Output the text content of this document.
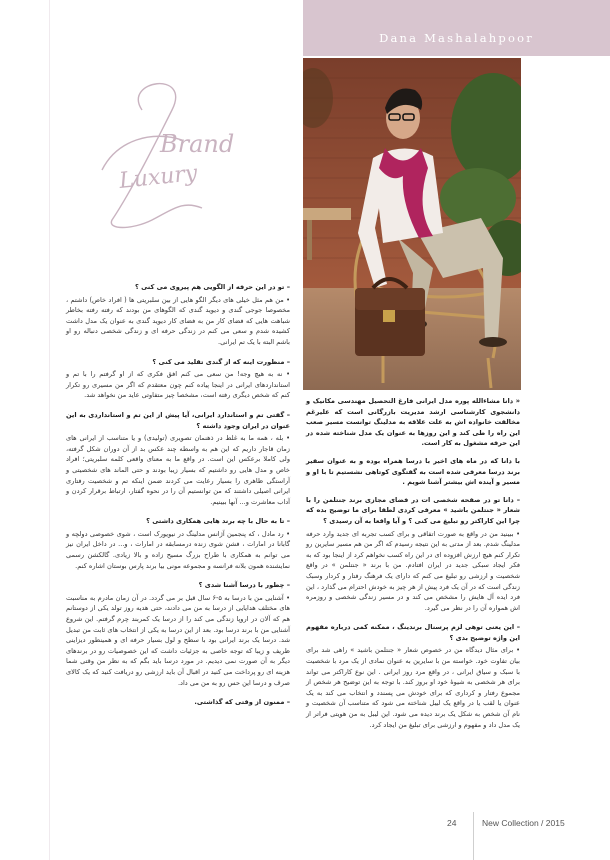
Dana Mashalahpoor
Brand
Luxury

– تو در این حرفه از الگویی هم پیروی می کنی ؟

• من هم مثل خیلی های دیگر الگو هایی از بین سلبریتی ها ( افراد خاص) داشتم ، مخصوصا جوجی گندی و دیوید گندی که الگوهای من بودند که رفته رفته بخاطر شباهت هایی که فضای کار من به فضای کار دیوید گندی به عنوان یک مدل داشت کشیده شدم و سعی می کنم در زندگی حرفه ای و زندگی شخصی دنباله رو او باشم البته با یک تم ایرانی.

– منظورت اینه که از گندی تقلید می کنی ؟

• نه به هیچ وجه! من سعی می کنم افق فکری که از او گرفتم را با تم و استانداردهای ایرانی در اینجا پیاده کنم چون معتقدم که اگر من مسیری رو تکرار کنم که شخص دیگری رفته است، مشخصا چیز متفاوتی عاید من نخواهد شد.

– گفتی تم و استاندارد ایرانی، آیا پیش از این تم و استانداردی به این عنوان در ایران وجود داشته ؟

• بله ، همه ما به غلط در ذهنمان تصویری (تولیدی) و یا متناسب از ایرانی های زمان قاجار داریم که این هم به واسطه چند عکس بد از آن دوران شکل گرفته، ولی کاملا برعکس این است. در واقع ما به معنای واقعی کلمه سلبریتی؛ افراد خاص و مدل هایی رو داشتیم که بسیار زیبا بودند و حتی الماند های شخصیتی و آراستگی ظاهری را بسیار رعایت می کردند ضمن اینکه تم و شخصیت رفتاری ایرانی اصیلی داشتند که من توانستیم آن را در نحوه گفتار، ارتباط برقرار کردن و آداب معاشرت و... آنها ببینیم.

– تا به حال با چه برند هایی همکاری داشتی ؟

• رد مادل ، که پنجمین آژانس مدلینگ در نیویورک است ، شوی خصوصی دولچه و گابانا در امارات ، فشن شوی زنده درمسابقه در امارات ، و... در داخل ایران نیز می توانم به همکاری با طراح بزرگ مسیح زاده و بالا زیادی. گالکشن رسمی نمایشنده همون بلانه فرانسه و مجموعه مونی بیا برند پارس بوستان اشاره کنم.

– چطور با درسا آشنا شدی ؟

• آشنایی من با درسا به ۵-۶ سال قبل بر می گردد. در آن زمان مادرم به مناسبت های مختلف هدایایی از درسا به من می دادند، حتی هدیه روز تولد یکی از دوستانم هم که آلان در اروپا زندگی می کند را از درسا یک کمربند چرم گرفتم. این شروع آشنایی من با برند درسا بود. بعد از این درسا به یکی از انتخاب های ثابت من تبدیل شد. درسا یک برند ایرانی بود با سطح و لول بسیار حرفه ای و همینطور دیزاینی ظریف و زیبا که توجه خاصی به جزئیات داشت که این خصوصیات رو در برندهای دیگر به آن صورت نمی دیدیم. در مورد درسا باید بگم که به نظر من وقتی شما هزینه ای رو پرداخت می کنید در اقبال آن باید ارزشی رو دریافت کنید که یک کالای صرف و درسا این حس رو به من می داد.

– ممنون از وقتی که گذاشتی.

« دانا مشاءالله پوره مدل ایرانی فارغ التحصیل مهندسی مکانیک و دانشجوی کارشناسی ارشد مدیریت بازرگانی است که علیرغم مخالفت خانواده اش به علت علاقه به مدلینگ توانست مسیر صعب این راه را طی کند و این روزها به عنوان یک مدل شناخته شده در این حرفه مشغول به کار است.

با دانا که در ماه های اخیر با درسا همراه بوده و به عنوان سفیر برند درسا معرفی شده است به گفتگوی کوتاهی نشستیم تا با او و مسیر و آینده اش بیشتر آشنا شویم .

– دانا تو در صفحه شخصی ات در فضای مجازی برند جنتلمن را با شعار « جنتلمن باشید » معرفی کردی لطفا برای ما توضیح بده که چرا این کاراکتر رو تبلیغ می کنی ؟ و آیا واقعا به آن رسیدی ؟

• ببینید من در واقع به صورت اتفاقی و برای کسب تجربه ای جدید وارد حرفه مدلینگ شدم. بعد از مدتی به این نتیجه رسیدم که اگر من هم مسیر سایرین رو تکرار کنم هیچ ارزش افزوده ای در این راه کسب نخواهم کرد از اینجا بود که به فکر ایجاد سبکی جدید در ایران افتادم. من با برند « جنتلمن » در واقع شخصیت و ارزشی رو تبلیغ می کنم که دارای یک فرهنگ رفتار و کردار وسبک زندگی است که در آن یک فرد پیش از هر چیز به خودش احترام می گذارد ، این فرد ایده آل هایش را مشخص می کند و در مسیر زندگی شخصی و روزمره اش همواره آن را در نظر می گیرد.

– این یعنی توهی لزم پرسنال برندینگ ، ممکنه کمی درباره مفهوم این واژه توضیح بدی ؟

• برای مثال دیدگاه من در خصوص شعار « جنتلمن باشید » راهی شد برای بیان تفاوت خود. خواسته من با سایرین به عنوان نمادی از یک مرد با شخصیت با سبک و سیاق ایرانی ، در واقع مرد روز ایرانی . این نوع کاراکتر می تواند برای هر شخصی به شیوۀ خود او بروز کند. با توجه به این توضیح هر شخص از مجموع رفتار و کرداری که برای خودش می پسندد و انتخاب می کند به یک عنوان یا لقب یا در واقع یک لیبل شناخته می شود که متناسب آن شخصیت و نام آن شخص به شکل یک برند دیده می شود. این لیبل به من هویتی فراتر از یک مدل داد و مفهوم و ارزشی برای تبلیغ من ایجاد کرد.

24	New Collection / 2015
